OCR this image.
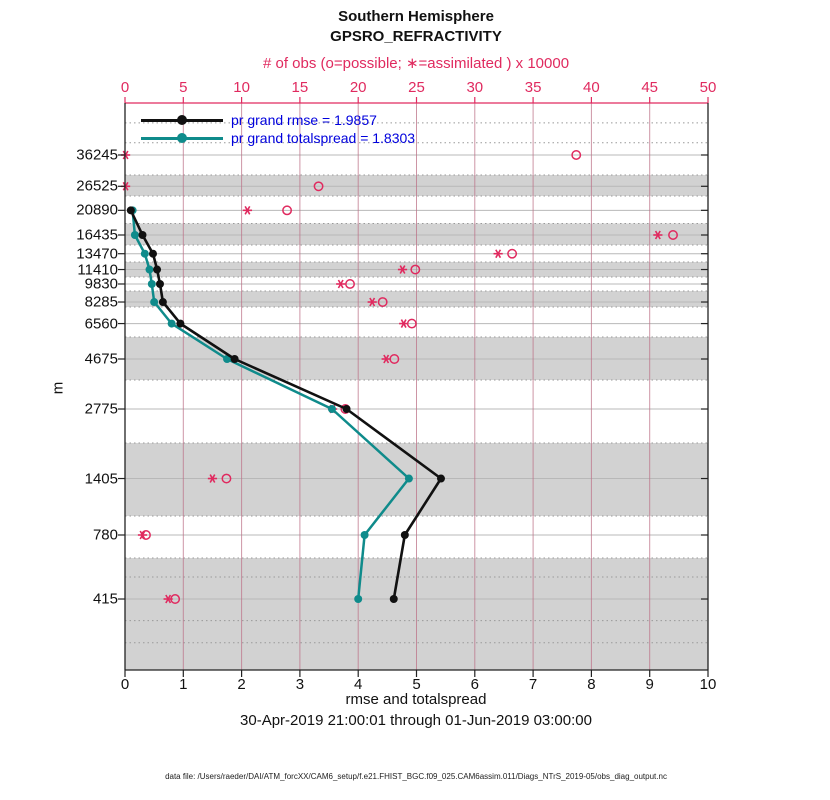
Southern Hemisphere
GPSRO_REFRACTIVITY
# of obs (o=possible; ∗=assimilated ) x 10000
pr grand rmse = 1.9857
pr grand totalspread = 1.8303
m
rmse and totalspread
30-Apr-2019 21:00:01 through 01-Jun-2019 03:00:00
data file: /Users/raeder/DAI/ATM_forcXX/CAM6_setup/f.e21.FHIST_BGC.f09_025.CAM6assim.011/Diags_NTrS_2019-05/obs_diag_output.nc
0	1	2	3	4	5	6	7	8	9	10
0	5	10	15	20	25	30	35	40	45	50
36245
26525
20890
16435
13470
11410
9830
8285
6560
4675
2775
1405
780
415
